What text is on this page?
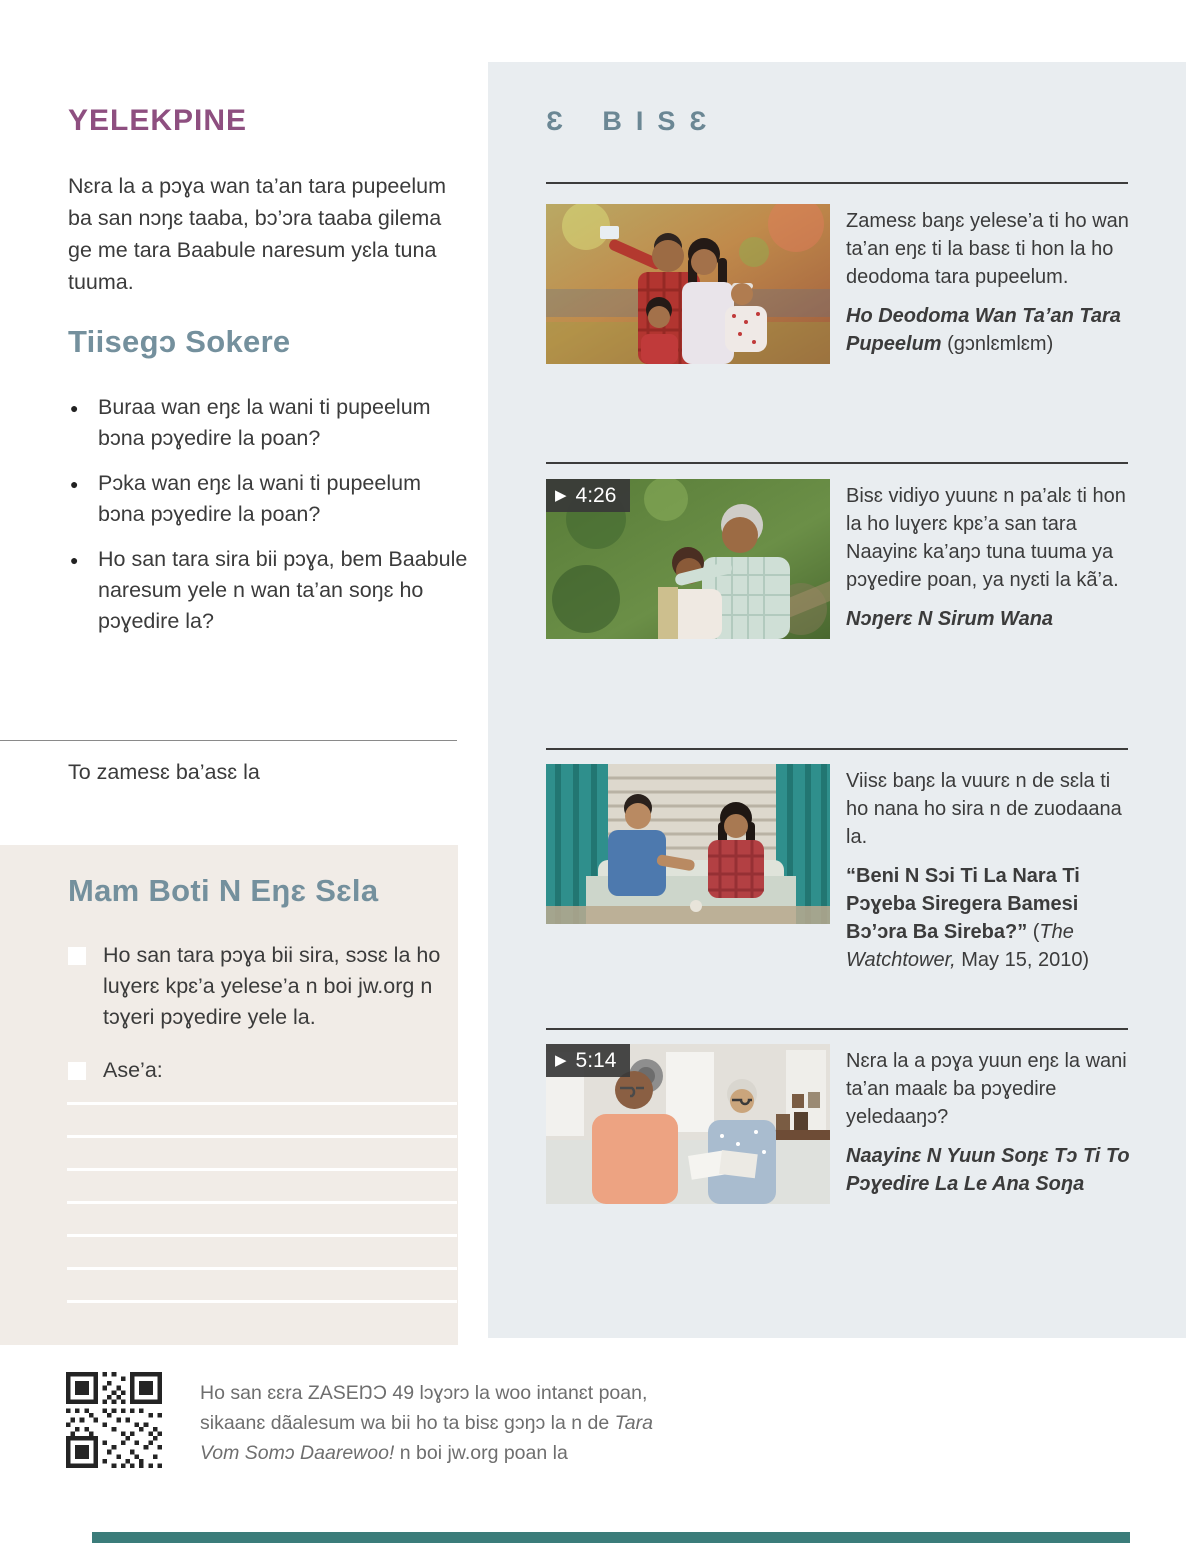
YELEKPINE

Nɛra la a pɔɣa wan ta’an tara pupeelum ba san nɔŋɛ taaba, bɔ’ɔra taaba gilema ge me tara Baabule naresum yɛla tuna tuuma.

Tiisegɔ Sokere
● Buraa wan eŋɛ la wani ti pupeelum bɔna pɔɣedire la poan?
● Pɔka wan eŋɛ la wani ti pupeelum bɔna pɔɣedire la poan?
● Ho san tara sira bii pɔɣa, bem Baabule naresum yele n wan ta’an soŋɛ ho pɔɣedire la?

To zamesɛ ba’asɛ la

Mam Boti N Eŋɛ Sɛla
Ho san tara pɔɣa bii sira, sɔsɛ la ho luɣerɛ kpɛ’a yelese’a n boi jw.org n tɔɣeri pɔɣedire yele la.
Ase’a:

Ho san ɛɛra ZASEŊƆ 49 lɔɣɔrɔ la woo intanɛt poan, sikaanɛ dãalesum wa bii ho ta bisɛ gɔŋɔ la n de Tara Vom Somɔ Daarewoo! n boi jw.org poan la

Ɛ BISƐ

Zamesɛ baŋɛ yelese’a ti ho wan ta’an eŋɛ ti la basɛ ti hon la ho deodoma tara pupeelum.

Ho Deodoma Wan Ta’an Tara Pupeelum (gɔnlɛmlɛm)

▶ 4:26	Bisɛ vidiyo yuunɛ n pa’alɛ ti hon la ho luɣerɛ kpɛ’a san tara Naayinɛ ka’aŋɔ tuna tuuma ya pɔɣedire poan, ya nyɛti la kã’a.

Nɔŋerɛ N Sirum Wana

Viisɛ baŋɛ la vuurɛ n de sɛla ti ho nana ho sira n de zuodaana la.

“Beni N Sɔi Ti La Nara Ti Pɔɣeba Siregera Bamesi Bɔ’ɔra Ba Sireba?” (The Watchtower, May 15, 2010)

▶ 5:14	Nɛra la a pɔɣa yuun eŋɛ la wani ta’an maalɛ ba pɔɣedire yeledaaŋɔ?

Naayinɛ N Yuun Soŋɛ Tɔ Ti To Pɔɣedire La Le Ana Soŋa
